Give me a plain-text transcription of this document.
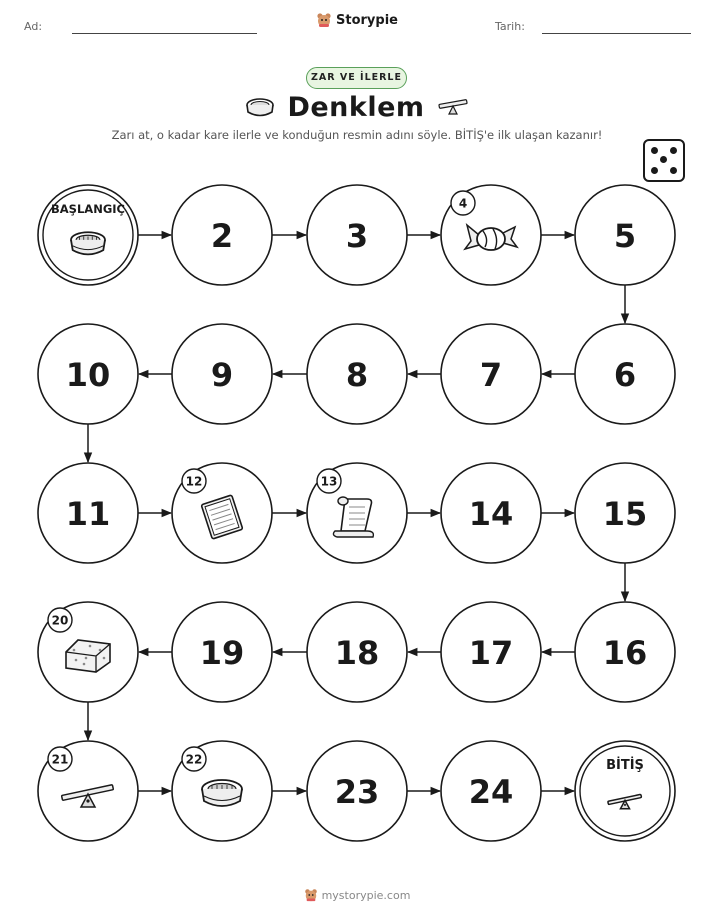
Ad:	Storypie	Tarih:
ZAR VE İLERLE
Denklem
Zarı at, o kadar kare ilerle ve konduğun resmin adını söyle. BİTİŞ'e ilk ulaşan kazanır!
BAŞLANGIÇ
2	3
4
5
6
7
8
9
10
11
12	13
14	15
16
17
18
19
20
21	22
23	24
BİTİŞ
mystorypie.com
